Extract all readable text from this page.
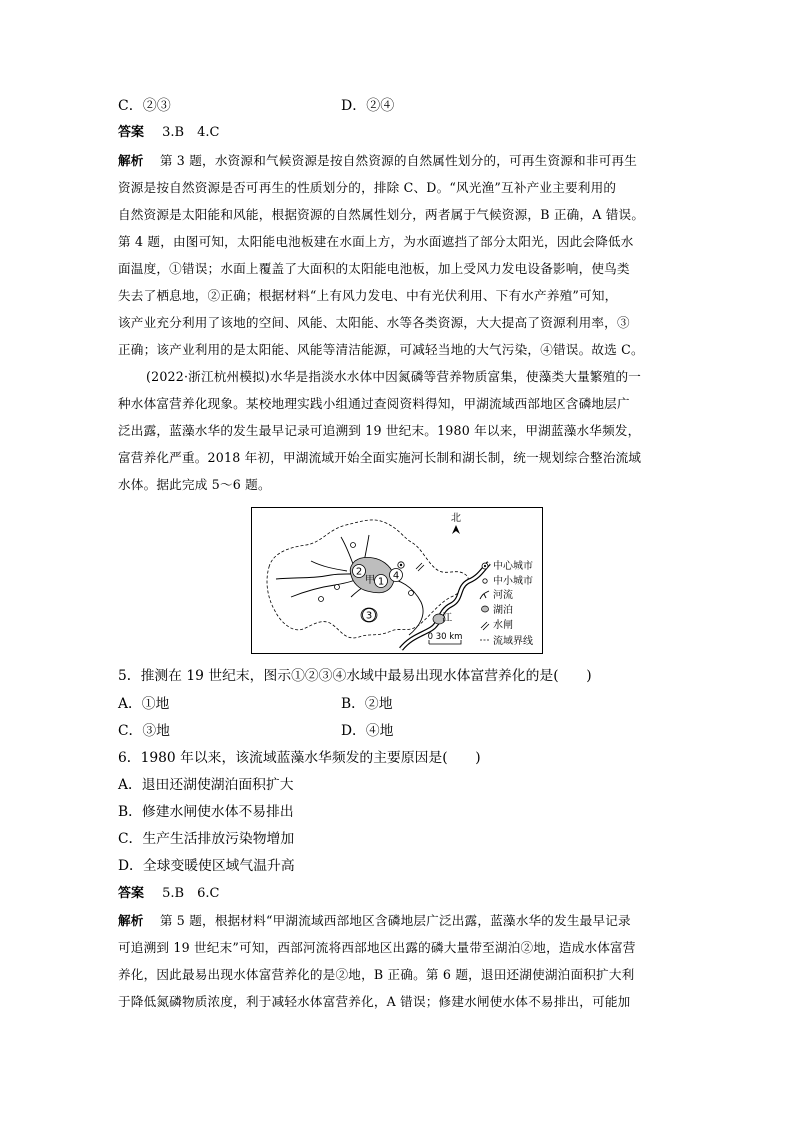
C．②③	D．②④
答案 3.B　4.C
解析 第 3 题，水资源和气候资源是按自然资源的自然属性划分的，可再生资源和非可再生
资源是按自然资源是否可再生的性质划分的，排除 C、D。“风光渔”互补产业主要利用的
自然资源是太阳能和风能，根据资源的自然属性划分，两者属于气候资源，B 正确，A 错误。
第 4 题，由图可知，太阳能电池板建在水面上方，为水面遮挡了部分太阳光，因此会降低水
面温度，①错误；水面上覆盖了大面积的太阳能电池板，加上受风力发电设备影响，使鸟类
失去了栖息地，②正确；根据材料“上有风力发电、中有光伏利用、下有水产养殖”可知，
该产业充分利用了该地的空间、风能、太阳能、水等各类资源，大大提高了资源利用率，③
正确；该产业利用的是太阳能、风能等清洁能源，可减轻当地的大气污染，④错误。故选 C。
(2022·浙江杭州模拟)水华是指淡水水体中因氮磷等营养物质富集，使藻类大量繁殖的一
种水体富营养化现象。某校地理实践小组通过查阅资料得知，甲湖流域西部地区含磷地层广
泛出露，蓝藻水华的发生最早记录可追溯到 19 世纪末。1980 年以来，甲湖蓝藻水华频发，
富营养化严重。2018 年初，甲湖流域开始全面实施河长制和湖长制，统一规划综合整治流域
水体。据此完成 5～6 题。
2
1
4
3
甲
江
北
0 30 km
中心城市
中小城市
河流
湖泊
水闸
流域界线
5．推测在 19 世纪末，图示①②③④水域中最易出现水体富营养化的是(　　)
A．①地	B．②地
C．③地	D．④地
6．1980 年以来，该流域蓝藻水华频发的主要原因是(　　)
A．退田还湖使湖泊面积扩大
B．修建水闸使水体不易排出
C．生产生活排放污染物增加
D．全球变暖使区域气温升高
答案 5.B　6.C
解析 第 5 题，根据材料“甲湖流域西部地区含磷地层广泛出露，蓝藻水华的发生最早记录
可追溯到 19 世纪末”可知，西部河流将西部地区出露的磷大量带至湖泊②地，造成水体富营
养化，因此最易出现水体富营养化的是②地，B 正确。第 6 题，退田还湖使湖泊面积扩大利
于降低氮磷物质浓度，利于减轻水体富营养化，A 错误；修建水闸使水体不易排出，可能加
